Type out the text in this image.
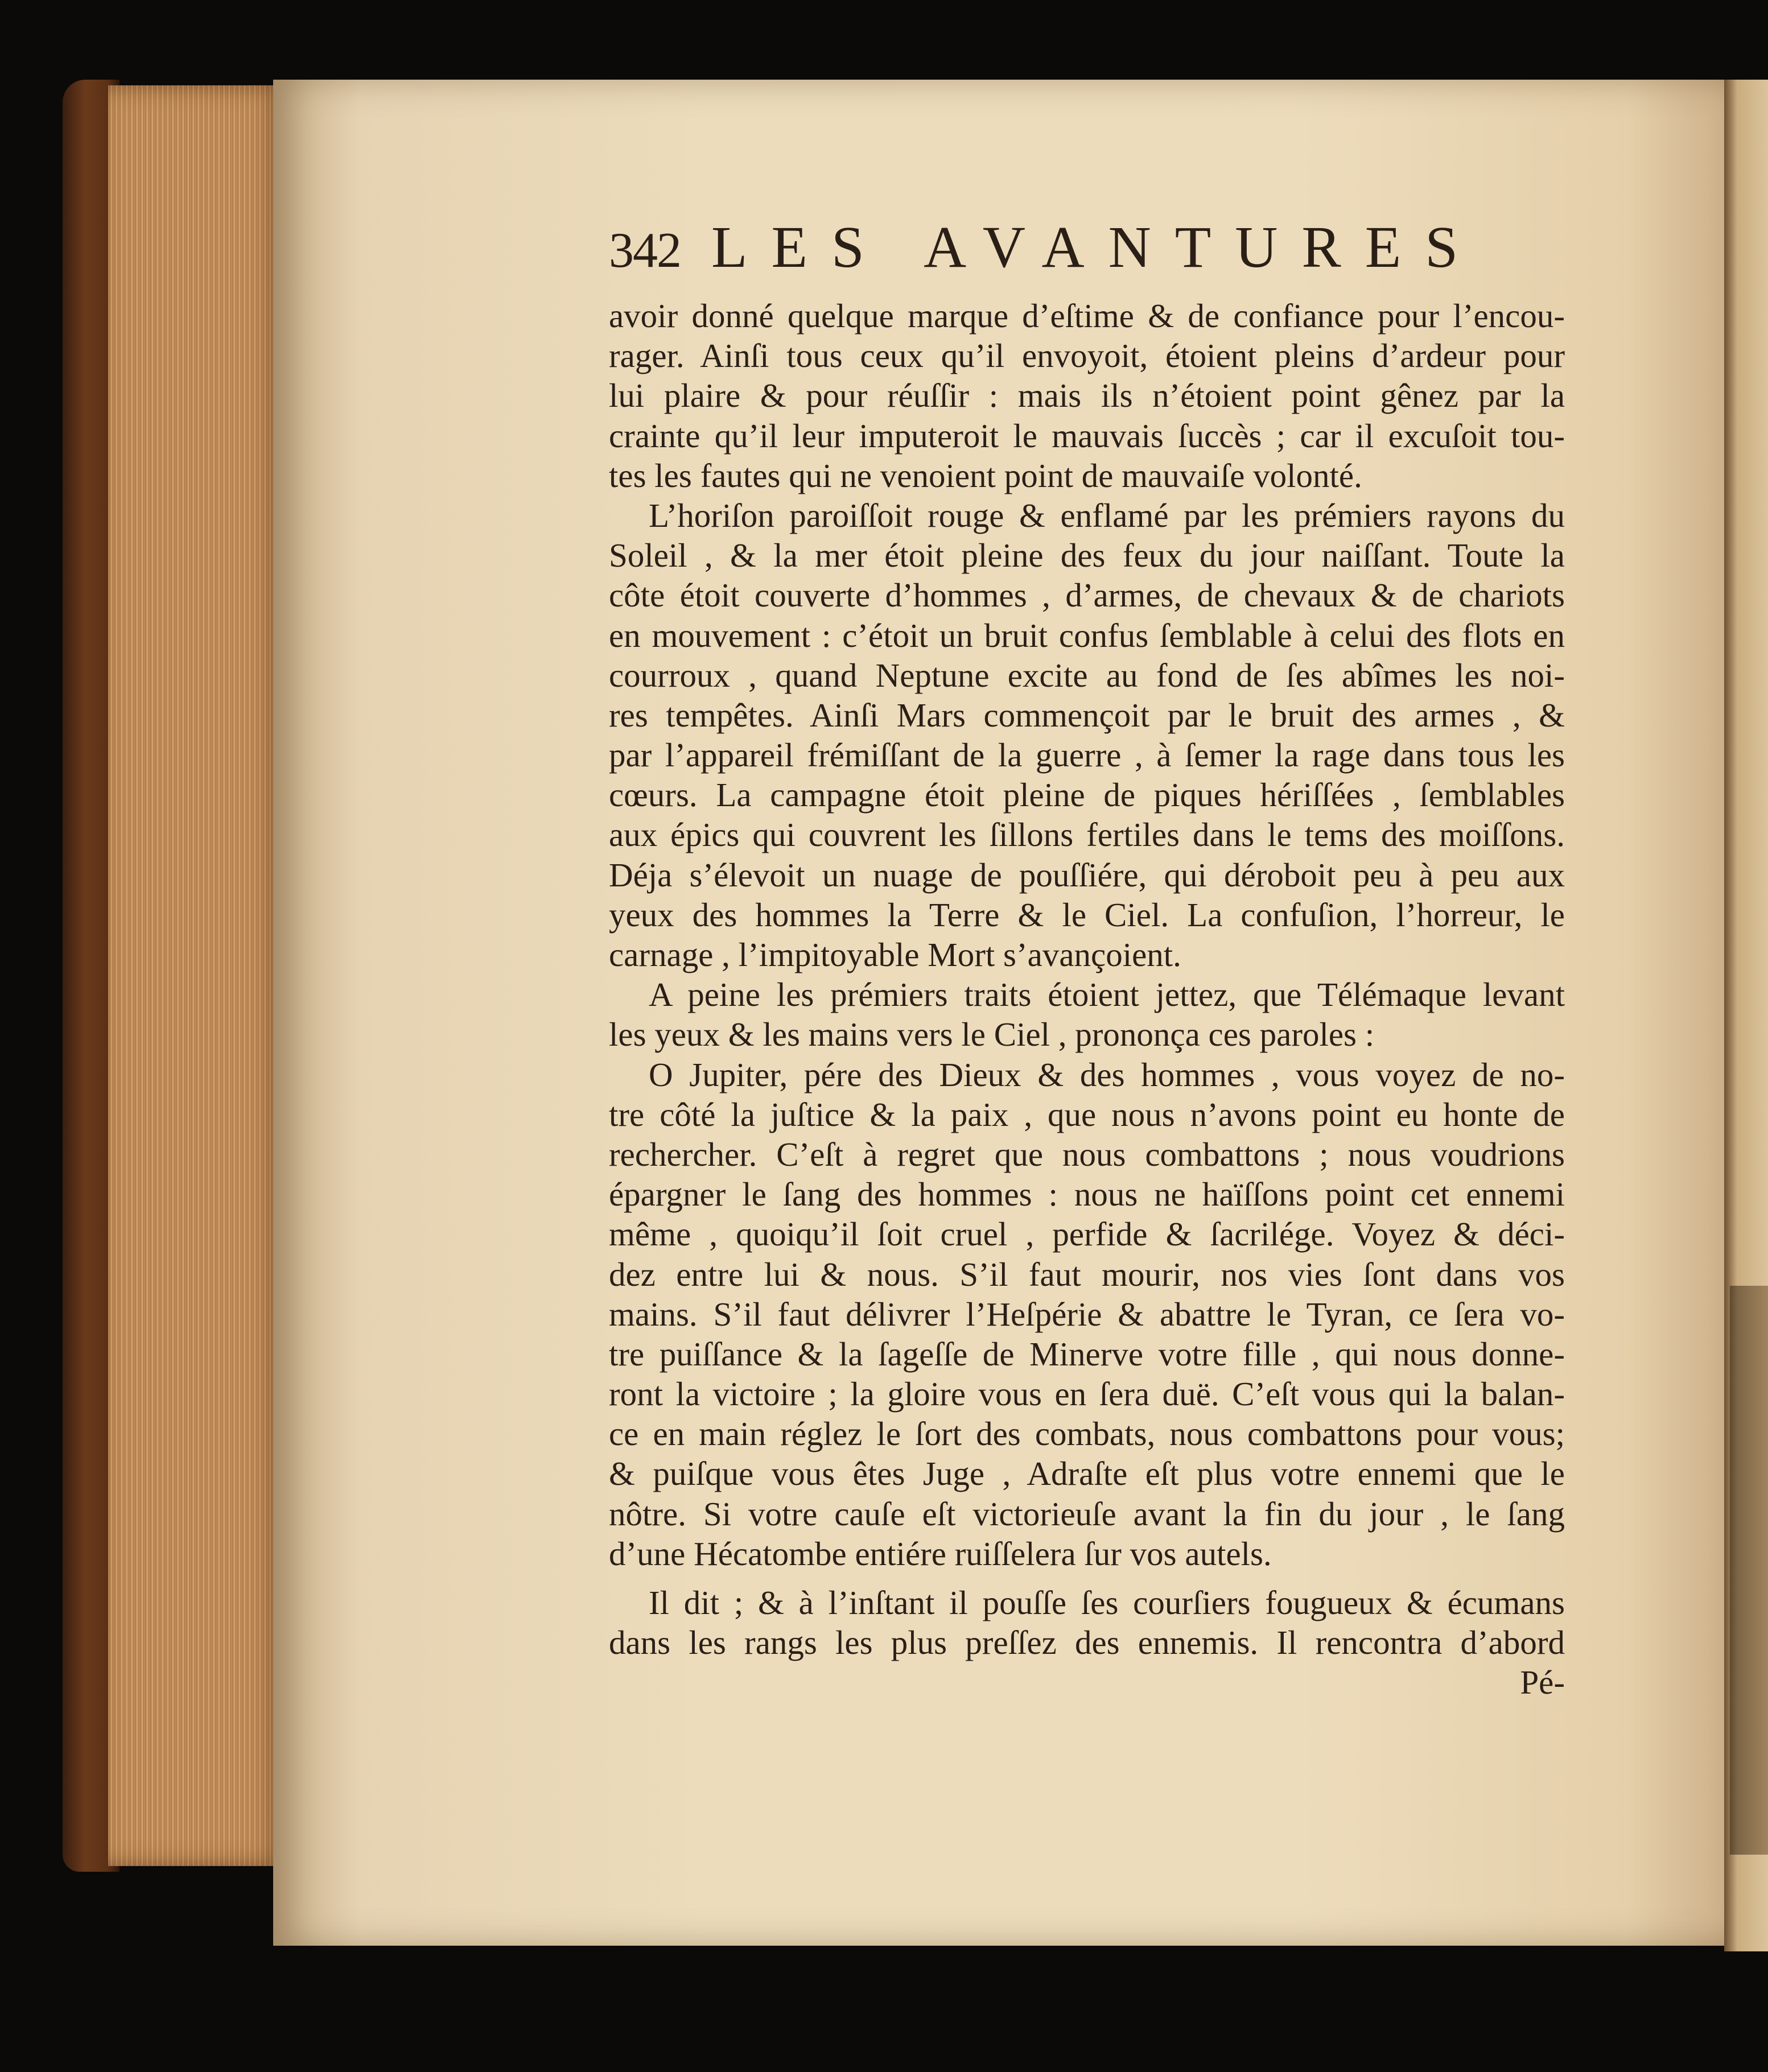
342 LES AVANTURES
avoir donné quelque marque d’eſtime & de confiance pour l’encou-
rager. Ainſi tous ceux qu’il envoyoit, étoient pleins d’ardeur pour
lui plaire & pour réuſſir : mais ils n’étoient point gênez par la
crainte qu’il leur imputeroit le mauvais ſuccès ; car il excuſoit tou-
tes les fautes qui ne venoient point de mauvaiſe volonté.
L’horiſon paroiſſoit rouge & enflamé par les prémiers rayons du
Soleil , & la mer étoit pleine des feux du jour naiſſant. Toute la
côte étoit couverte d’hommes , d’armes, de chevaux & de chariots
en mouvement : c’étoit un bruit confus ſemblable à celui des flots en
courroux , quand Neptune excite au fond de ſes abîmes les noi-
res tempêtes. Ainſi Mars commençoit par le bruit des armes , &
par l’appareil frémiſſant de la guerre , à ſemer la rage dans tous les
cœurs. La campagne étoit pleine de piques hériſſées , ſemblables
aux épics qui couvrent les ſillons fertiles dans le tems des moiſſons.
Déja s’élevoit un nuage de pouſſiére, qui déroboit peu à peu aux
yeux des hommes la Terre & le Ciel. La confuſion, l’horreur, le
carnage , l’impitoyable Mort s’avançoient.
A peine les prémiers traits étoient jettez, que Télémaque levant
les yeux & les mains vers le Ciel , prononça ces paroles :
O Jupiter, pére des Dieux & des hommes , vous voyez de no-
tre côté la juſtice & la paix , que nous n’avons point eu honte de
rechercher. C’eſt à regret que nous combattons ; nous voudrions
épargner le ſang des hommes : nous ne haïſſons point cet ennemi
même , quoiqu’il ſoit cruel , perfide & ſacrilége. Voyez & déci-
dez entre lui & nous. S’il faut mourir, nos vies ſont dans vos
mains. S’il faut délivrer l’Heſpérie & abattre le Tyran, ce ſera vo-
tre puiſſance & la ſageſſe de Minerve votre fille , qui nous donne-
ront la victoire ; la gloire vous en ſera duë. C’eſt vous qui la balan-
ce en main réglez le ſort des combats, nous combattons pour vous;
& puiſque vous êtes Juge , Adraſte eſt plus votre ennemi que le
nôtre. Si votre cauſe eſt victorieuſe avant la fin du jour , le ſang
d’une Hécatombe entiére ruiſſelera ſur vos autels.
Il dit ; & à l’inſtant il pouſſe ſes courſiers fougueux & écumans
dans les rangs les plus preſſez des ennemis. Il rencontra d’abord
Pé-
